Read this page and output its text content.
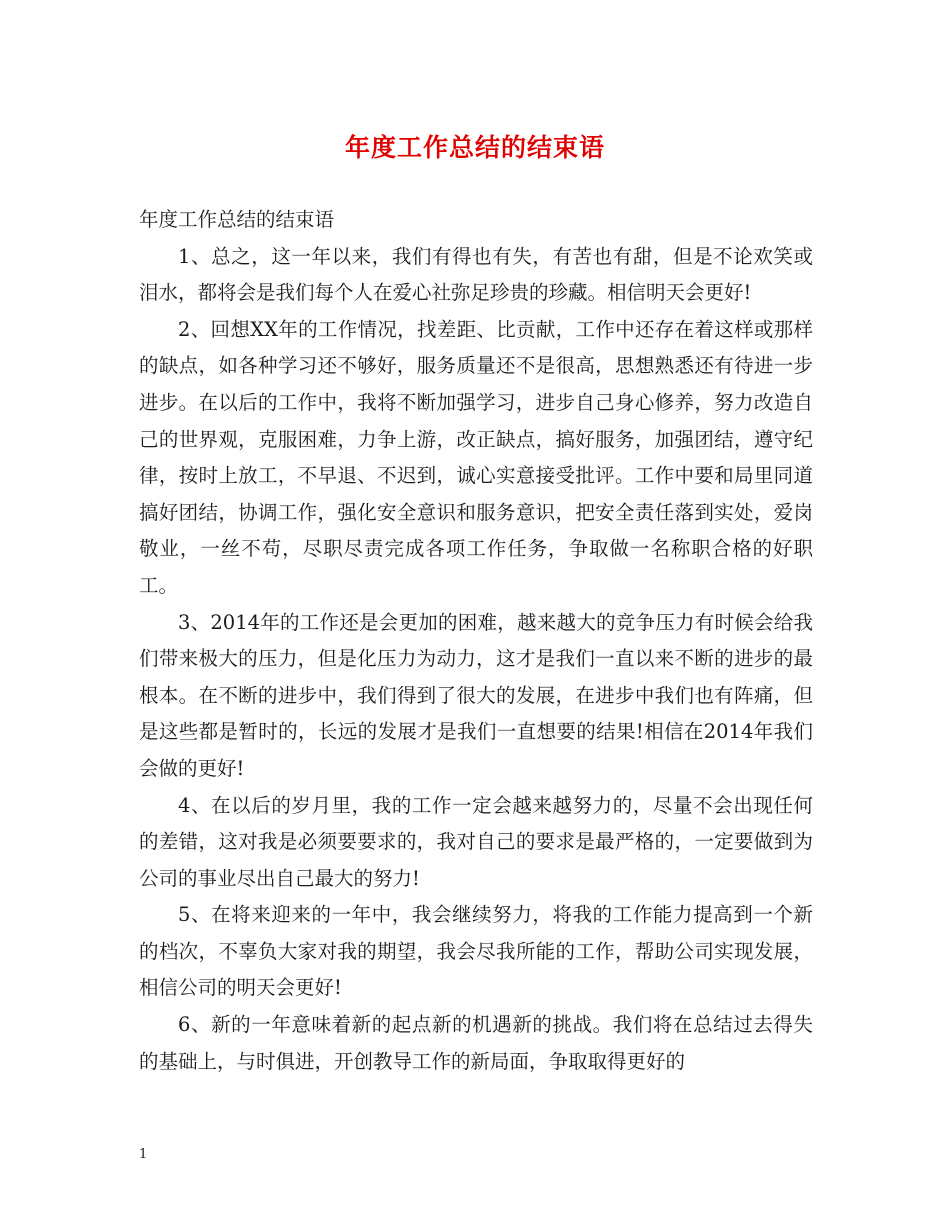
年度工作总结的结束语

年度工作总结的结束语

1、总之，这一年以来，我们有得也有失，有苦也有甜，但是不论欢笑或泪水，都将会是我们每个人在爱心社弥足珍贵的珍藏。相信明天会更好!

2、回想XX年的工作情况，找差距、比贡献，工作中还存在着这样或那样的缺点，如各种学习还不够好，服务质量还不是很高，思想熟悉还有待进一步进步。在以后的工作中，我将不断加强学习，进步自己身心修养，努力改造自己的世界观，克服困难，力争上游，改正缺点，搞好服务，加强团结，遵守纪律，按时上放工，不早退、不迟到，诚心实意接受批评。工作中要和局里同道搞好团结，协调工作，强化安全意识和服务意识，把安全责任落到实处，爱岗敬业，一丝不苟，尽职尽责完成各项工作任务，争取做一名称职合格的好职工。

3、2014年的工作还是会更加的困难，越来越大的竞争压力有时候会给我们带来极大的压力，但是化压力为动力，这才是我们一直以来不断的进步的最根本。在不断的进步中，我们得到了很大的发展，在进步中我们也有阵痛，但是这些都是暂时的，长远的发展才是我们一直想要的结果!相信在2014年我们会做的更好!

4、在以后的岁月里，我的工作一定会越来越努力的，尽量不会出现任何的差错，这对我是必须要要求的，我对自己的要求是最严格的，一定要做到为公司的事业尽出自己最大的努力!

5、在将来迎来的一年中，我会继续努力，将我的工作能力提高到一个新的档次，不辜负大家对我的期望，我会尽我所能的工作，帮助公司实现发展，相信公司的明天会更好!

6、新的一年意味着新的起点新的机遇新的挑战。我们将在总结过去得失的基础上，与时俱进，开创教导工作的新局面，争取取得更好的

1
